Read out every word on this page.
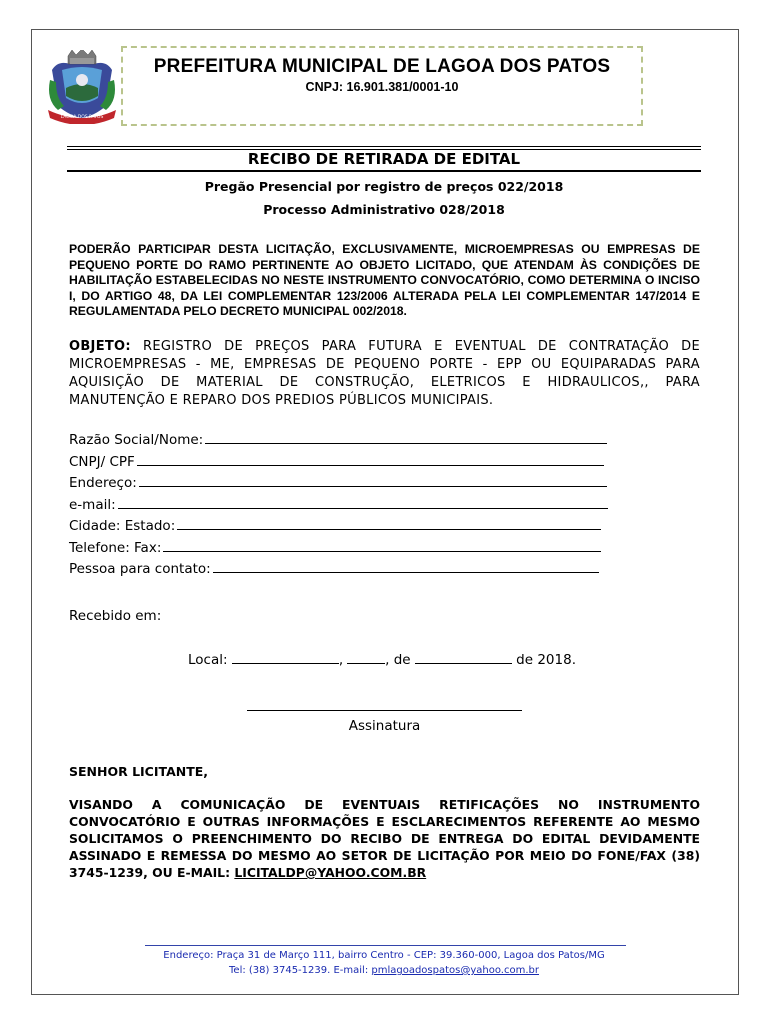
LAGOA DOS PATOS
PREFEITURA MUNICIPAL DE LAGOA DOS PATOS
CNPJ: 16.901.381/0001-10
RECIBO DE RETIRADA DE EDITAL
Pregão Presencial por registro de preços 022/2018
Processo Administrativo 028/2018
PODERÃO PARTICIPAR DESTA LICITAÇÃO, EXCLUSIVAMENTE, MICROEMPRESAS OU EMPRESAS DE PEQUENO PORTE DO RAMO PERTINENTE AO OBJETO LICITADO, QUE ATENDAM ÀS CONDIÇÕES DE HABILITAÇÃO ESTABELECIDAS NO NESTE INSTRUMENTO CONVOCATÓRIO, COMO DETERMINA O INCISO I, DO ARTIGO 48, DA LEI COMPLEMENTAR 123/2006 ALTERADA PELA LEI COMPLEMENTAR 147/2014 E REGULAMENTADA PELO DECRETO MUNICIPAL 002/2018.
OBJETO: REGISTRO DE PREÇOS PARA FUTURA E EVENTUAL DE CONTRATAÇÃO DE MICROEMPRESAS - ME, EMPRESAS DE PEQUENO PORTE - EPP OU EQUIPARADAS PARA AQUISIÇÃO DE MATERIAL DE CONSTRUÇÃO, ELETRICOS E HIDRAULICOS,, PARA MANUTENÇÃO E REPARO DOS PREDIOS PÚBLICOS MUNICIPAIS.
Razão Social/Nome:
CNPJ/ CPF
Endereço:
e-mail:
Cidade: Estado:
Telefone: Fax:
Pessoa para contato:
Recebido em:
Local:	,	, de	de 2018.
Assinatura
SENHOR LICITANTE,
VISANDO A COMUNICAÇÃO DE EVENTUAIS RETIFICAÇÕES NO INSTRUMENTO CONVOCATÓRIO E OUTRAS INFORMAÇÕES E ESCLARECIMENTOS REFERENTE AO MESMO SOLICITAMOS O PREENCHIMENTO DO RECIBO DE ENTREGA DO EDITAL DEVIDAMENTE ASSINADO E REMESSA DO MESMO AO SETOR DE LICITAÇÃO POR MEIO DO FONE/FAX (38) 3745-1239, OU E-MAIL: LICITALDP@YAHOO.COM.BR
Endereço: Praça 31 de Março 111, bairro Centro - CEP: 39.360-000, Lagoa dos Patos/MG
Tel: (38) 3745-1239. E-mail: pmlagoadospatos@yahoo.com.br
